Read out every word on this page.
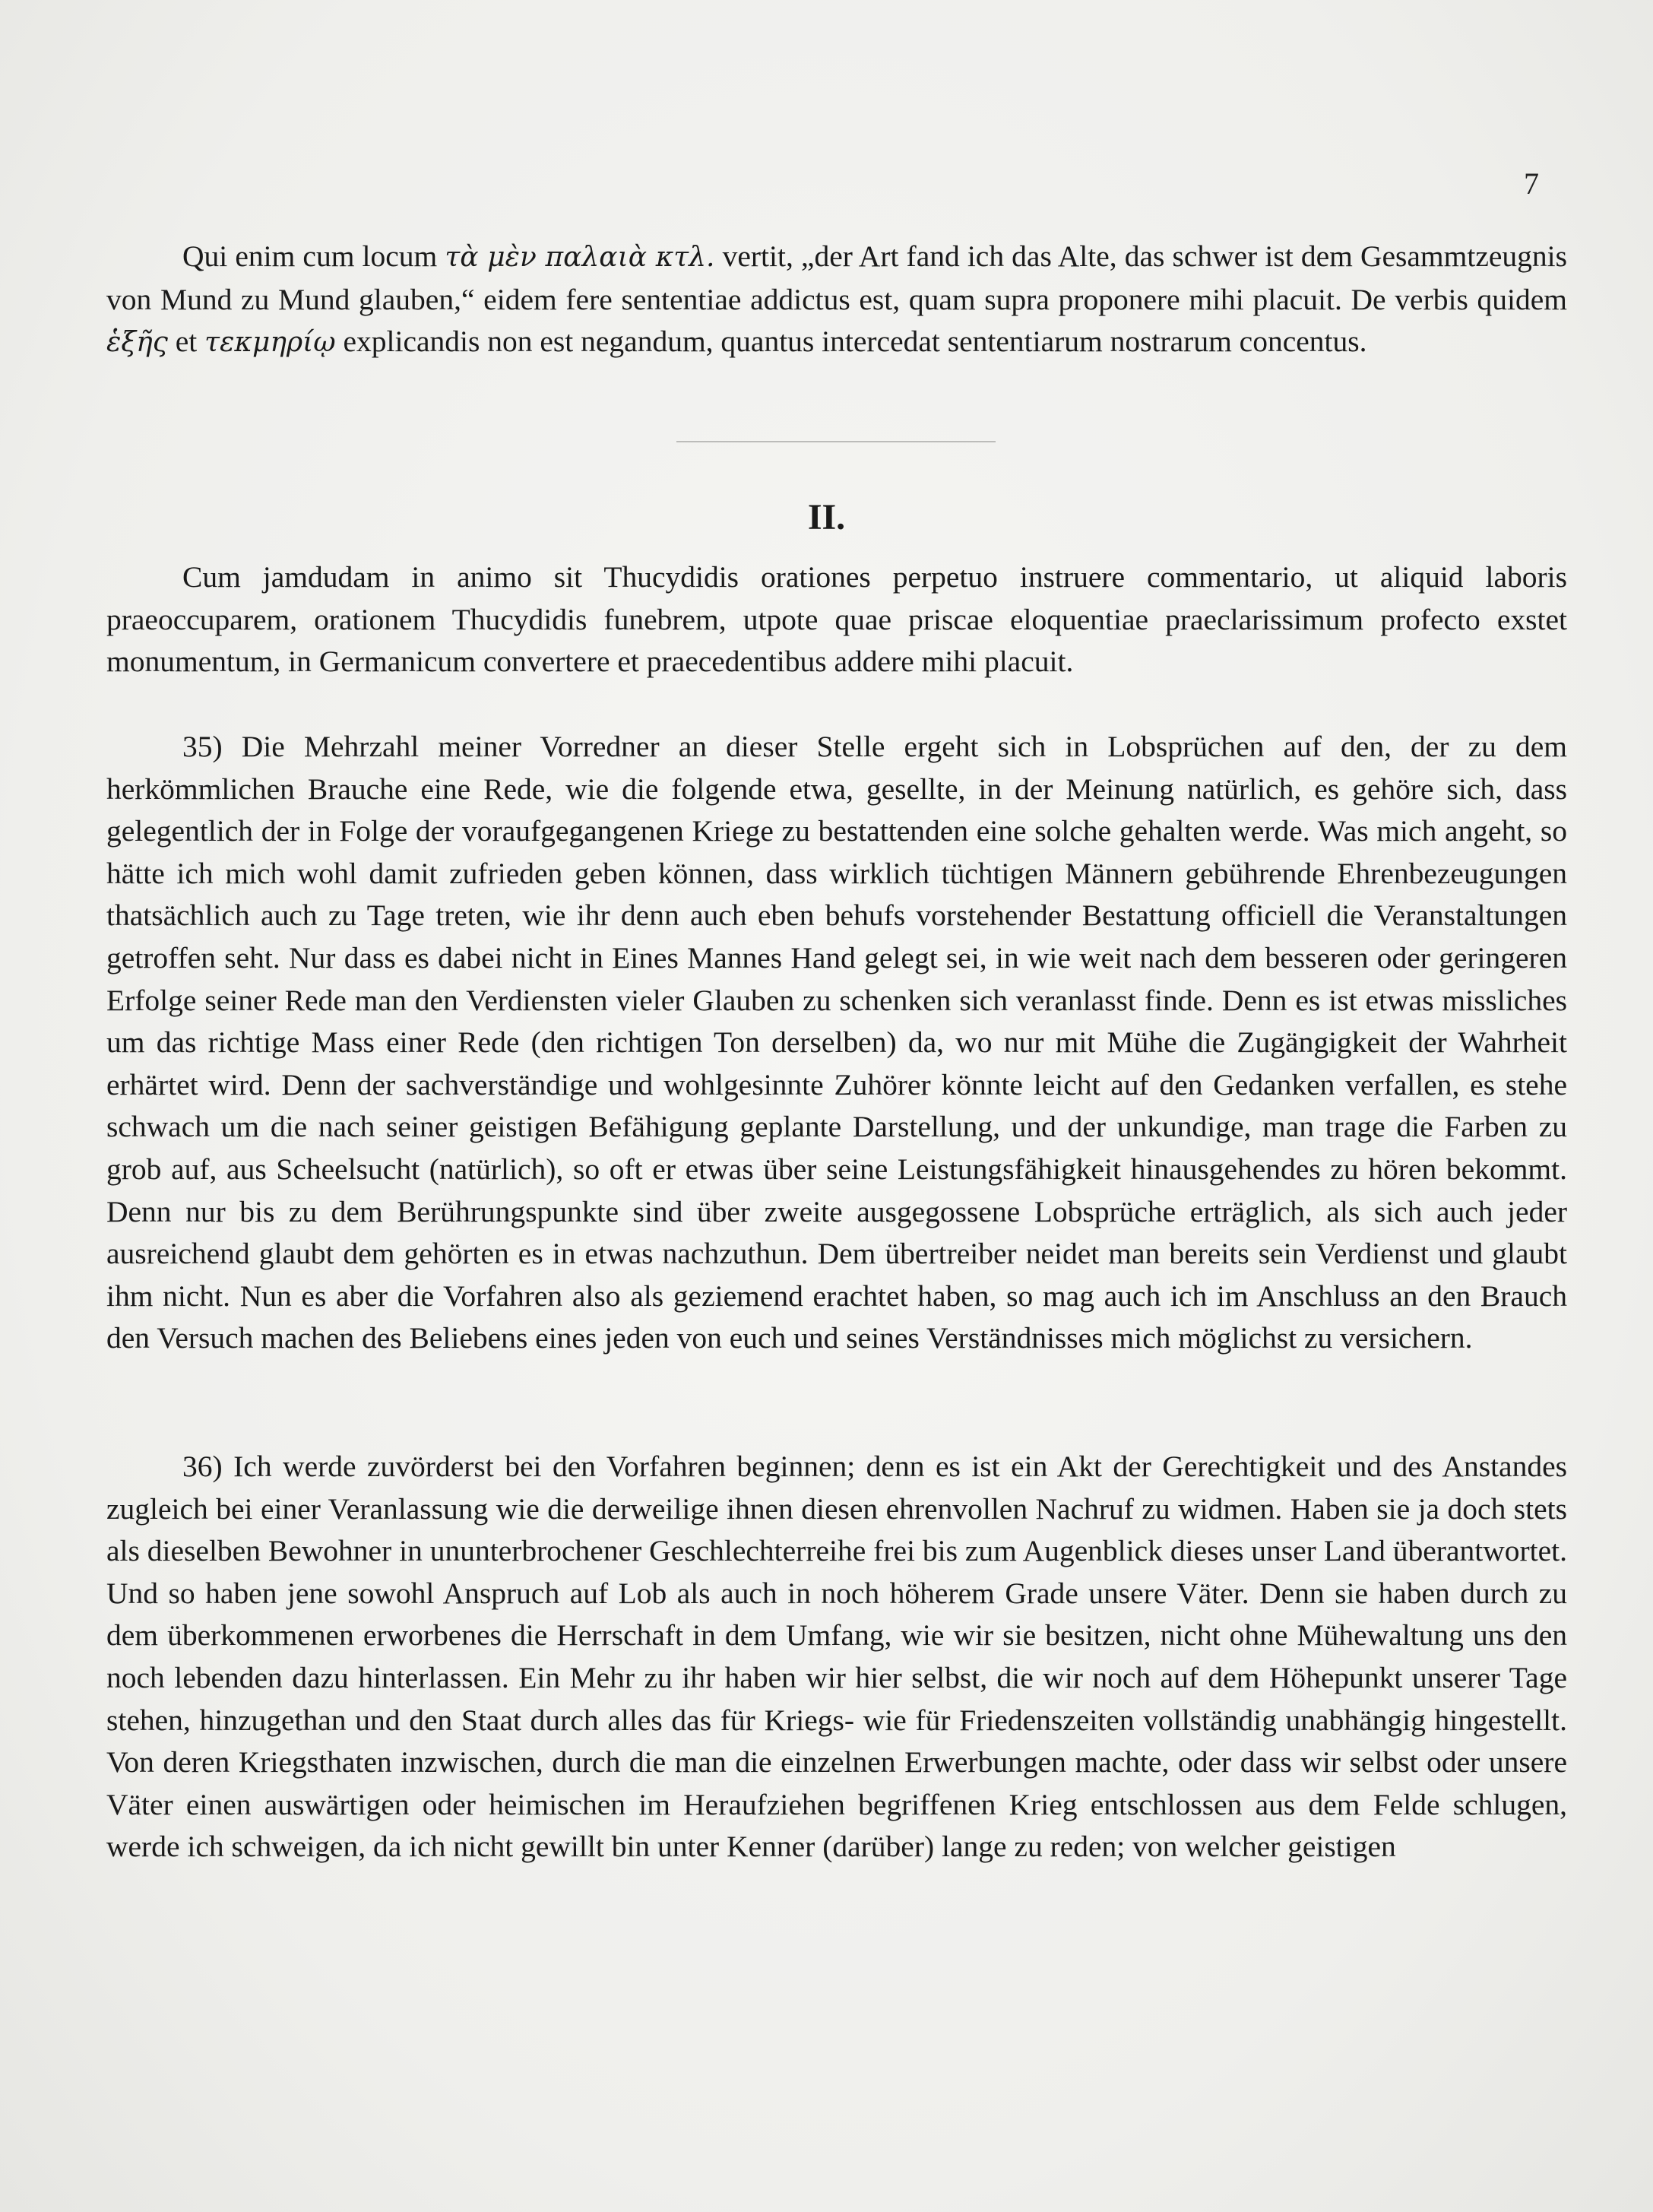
7

Qui enim cum locum τὰ μὲν παλαιὰ κτλ. vertit, „der Art fand ich das Alte, das schwer ist dem Gesammtzeugnis von Mund zu Mund glauben,“ eidem fere sententiae addictus est, quam supra proponere mihi placuit. De verbis quidem ἑξῆς et τεκμηρίῳ explicandis non est negandum, quantus intercedat sententiarum nostrarum concentus.

II.

Cum jamdudam in animo sit Thucydidis orationes perpetuo instruere commentario, ut aliquid laboris praeoccuparem, orationem Thucydidis funebrem, utpote quae priscae eloquentiae praeclarissimum profecto exstet monumentum, in Germanicum convertere et praecedentibus addere mihi placuit.

35) Die Mehrzahl meiner Vorredner an dieser Stelle ergeht sich in Lobsprüchen auf den, der zu dem herkömmlichen Brauche eine Rede, wie die folgende etwa, gesellte, in der Meinung natürlich, es gehöre sich, dass gelegentlich der in Folge der voraufgegangenen Kriege zu bestattenden eine solche gehalten werde. Was mich angeht, so hätte ich mich wohl damit zufrieden geben können, dass wirklich tüchtigen Männern gebührende Ehrenbezeugungen thatsächlich auch zu Tage treten, wie ihr denn auch eben behufs vorstehender Bestattung officiell die Veranstaltungen getroffen seht. Nur dass es dabei nicht in Eines Mannes Hand gelegt sei, in wie weit nach dem besseren oder geringeren Erfolge seiner Rede man den Verdiensten vieler Glauben zu schenken sich veranlasst finde. Denn es ist etwas missliches um das richtige Mass einer Rede (den richtigen Ton derselben) da, wo nur mit Mühe die Zugängigkeit der Wahrheit erhärtet wird. Denn der sachverständige und wohlgesinnte Zuhörer könnte leicht auf den Gedanken verfallen, es stehe schwach um die nach seiner geistigen Befähigung geplante Darstellung, und der unkundige, man trage die Farben zu grob auf, aus Scheelsucht (natürlich), so oft er etwas über seine Leistungsfähigkeit hinausgehendes zu hören bekommt. Denn nur bis zu dem Berührungspunkte sind über zweite ausgegossene Lobsprüche erträglich, als sich auch jeder ausreichend glaubt dem gehörten es in etwas nachzuthun. Dem übertreiber neidet man bereits sein Verdienst und glaubt ihm nicht. Nun es aber die Vorfahren also als geziemend erachtet haben, so mag auch ich im Anschluss an den Brauch den Versuch machen des Beliebens eines jeden von euch und seines Verständnisses mich möglichst zu versichern.

36) Ich werde zuvörderst bei den Vorfahren beginnen; denn es ist ein Akt der Gerechtigkeit und des Anstandes zugleich bei einer Veranlassung wie die derweilige ihnen diesen ehrenvollen Nachruf zu widmen. Haben sie ja doch stets als dieselben Bewohner in ununterbrochener Geschlechterreihe frei bis zum Augenblick dieses unser Land überantwortet. Und so haben jene sowohl Anspruch auf Lob als auch in noch höherem Grade unsere Väter. Denn sie haben durch zu dem überkommenen erworbenes die Herrschaft in dem Umfang, wie wir sie besitzen, nicht ohne Mühewaltung uns den noch lebenden dazu hinterlassen. Ein Mehr zu ihr haben wir hier selbst, die wir noch auf dem Höhepunkt unserer Tage stehen, hinzugethan und den Staat durch alles das für Kriegs- wie für Friedenszeiten vollständig unabhängig hingestellt. Von deren Kriegsthaten inzwischen, durch die man die einzelnen Erwerbungen machte, oder dass wir selbst oder unsere Väter einen auswärtigen oder heimischen im Heraufziehen begriffenen Krieg entschlossen aus dem Felde schlugen, werde ich schweigen, da ich nicht gewillt bin unter Kenner (darüber) lange zu reden; von welcher geistigen
